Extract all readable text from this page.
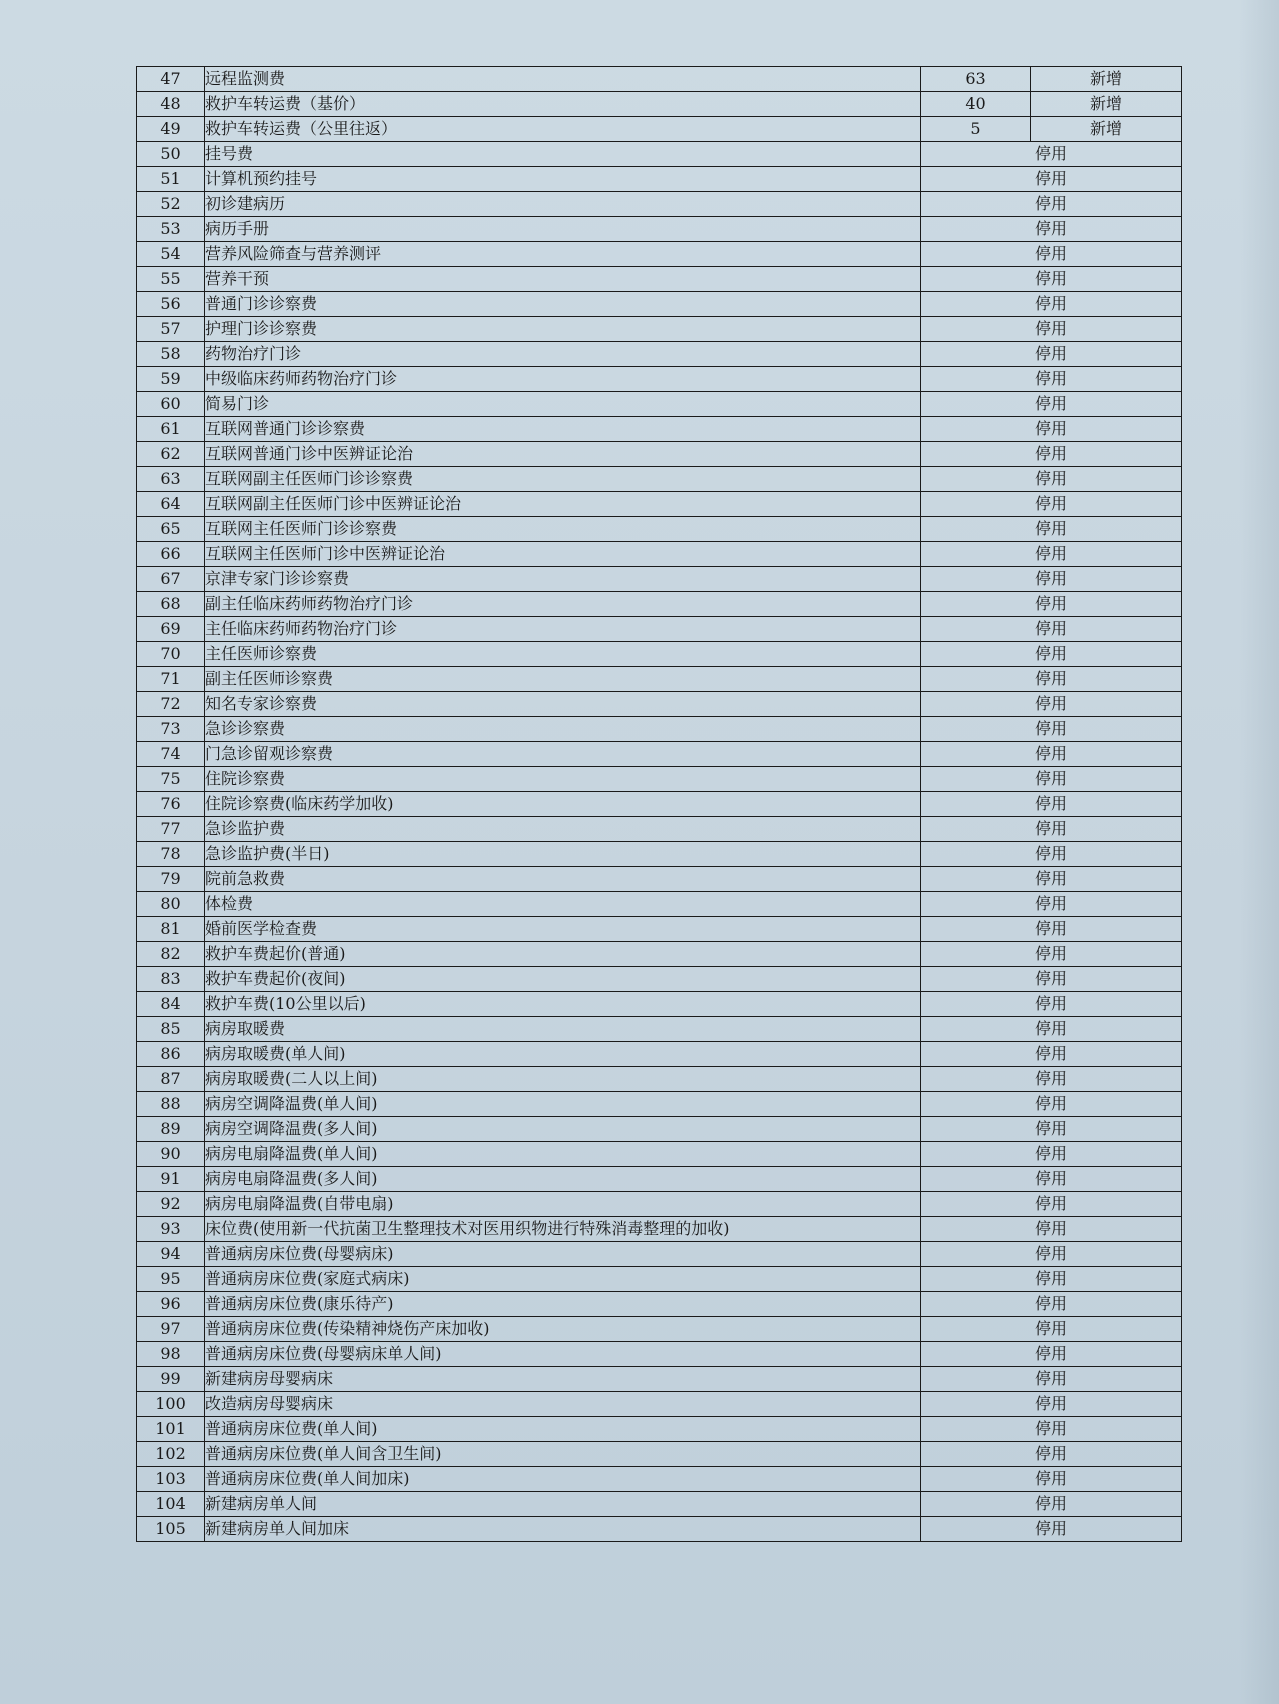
47	远程监测费	63	新增
48	救护车转运费（基价）	40	新增
49	救护车转运费（公里往返）	5	新增
50	挂号费	停用	
51	计算机预约挂号	停用	
52	初诊建病历	停用	
53	病历手册	停用	
54	营养风险筛查与营养测评	停用	
55	营养干预	停用	
56	普通门诊诊察费	停用	
57	护理门诊诊察费	停用	
58	药物治疗门诊	停用	
59	中级临床药师药物治疗门诊	停用	
60	简易门诊	停用	
61	互联网普通门诊诊察费	停用	
62	互联网普通门诊中医辨证论治	停用	
63	互联网副主任医师门诊诊察费	停用	
64	互联网副主任医师门诊中医辨证论治	停用	
65	互联网主任医师门诊诊察费	停用	
66	互联网主任医师门诊中医辨证论治	停用	
67	京津专家门诊诊察费	停用	
68	副主任临床药师药物治疗门诊	停用	
69	主任临床药师药物治疗门诊	停用	
70	主任医师诊察费	停用	
71	副主任医师诊察费	停用	
72	知名专家诊察费	停用	
73	急诊诊察费	停用	
74	门急诊留观诊察费	停用	
75	住院诊察费	停用	
76	住院诊察费(临床药学加收)	停用	
77	急诊监护费	停用	
78	急诊监护费(半日)	停用	
79	院前急救费	停用	
80	体检费	停用	
81	婚前医学检查费	停用	
82	救护车费起价(普通)	停用	
83	救护车费起价(夜间)	停用	
84	救护车费(10公里以后)	停用	
85	病房取暖费	停用	
86	病房取暖费(单人间)	停用	
87	病房取暖费(二人以上间)	停用	
88	病房空调降温费(单人间)	停用	
89	病房空调降温费(多人间)	停用	
90	病房电扇降温费(单人间)	停用	
91	病房电扇降温费(多人间)	停用	
92	病房电扇降温费(自带电扇)	停用	
93	床位费(使用新一代抗菌卫生整理技术对医用织物进行特殊消毒整理的加收)	停用	
94	普通病房床位费(母婴病床)	停用	
95	普通病房床位费(家庭式病床)	停用	
96	普通病房床位费(康乐待产)	停用	
97	普通病房床位费(传染精神烧伤产床加收)	停用	
98	普通病房床位费(母婴病床单人间)	停用	
99	新建病房母婴病床	停用	
100	改造病房母婴病床	停用	
101	普通病房床位费(单人间)	停用	
102	普通病房床位费(单人间含卫生间)	停用	
103	普通病房床位费(单人间加床)	停用	
104	新建病房单人间	停用	
105	新建病房单人间加床	停用	
